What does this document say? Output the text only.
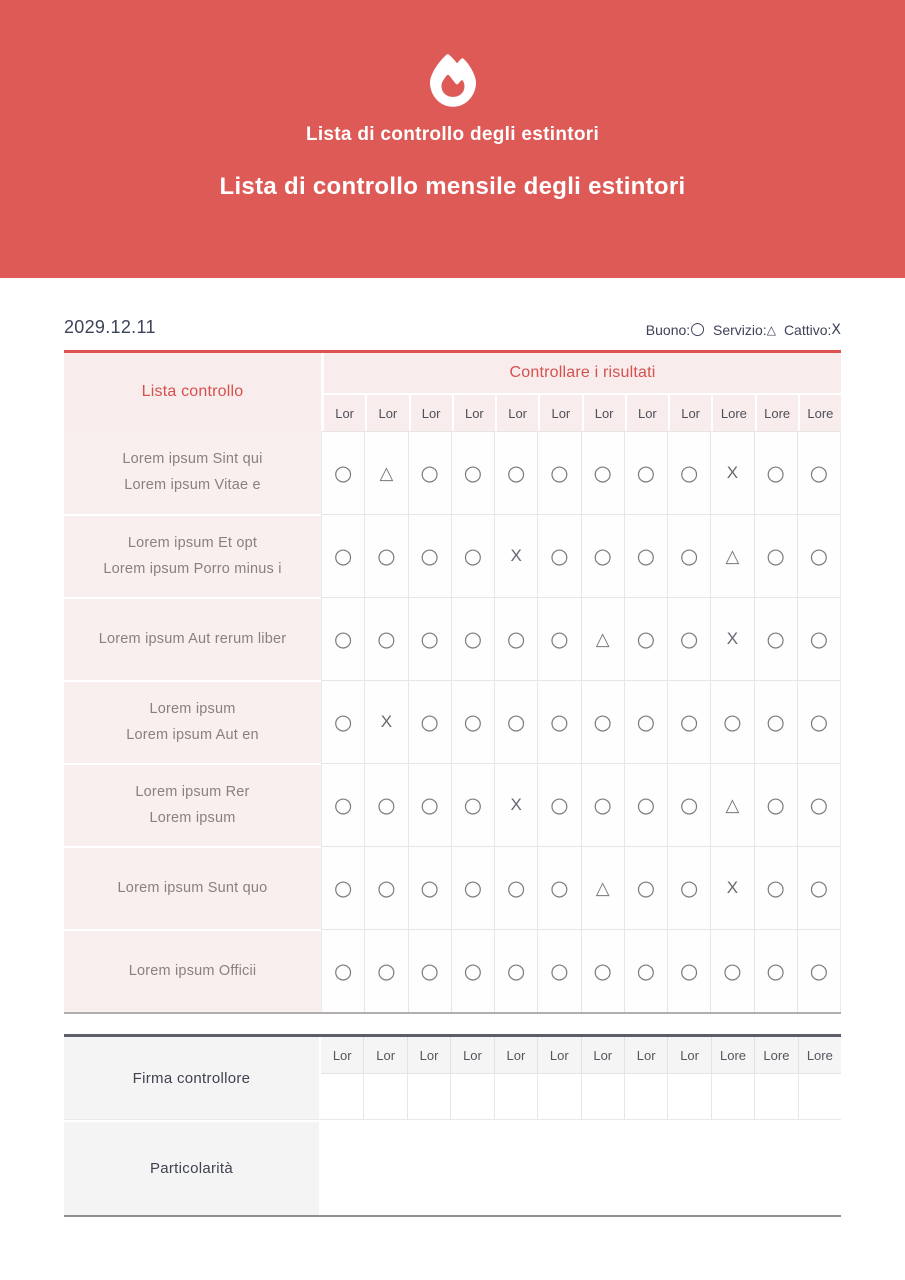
Lista di controllo degli estintori
Lista di controllo mensile degli estintori
2029.12.11	Buono: ○ Servizio: △ Cattivo: X
Lista controllo
Controllare i risultati
Lor	Lor	Lor	Lor	Lor	Lor	Lor	Lor	Lor	Lore	Lore	Lore
Lorem ipsum Sint qui
Lorem ipsum Vitae e	○	△	○	○	○	○	○	○	○	X	○	○
Lorem ipsum Et opt
Lorem ipsum Porro minus i
○	○	○	○	X	○	○	○	○	△	○	○
Lorem ipsum Aut rerum liber	○	○	○	○	○	○	△	○	○	X	○	○
Lorem ipsum
Lorem ipsum Aut en
○	X	○	○	○	○	○	○	○	○	○	○
Lorem ipsum Rer
Lorem ipsum
○	○	○	○	X	○	○	○	○	△	○	○
Lorem ipsum Sunt quo	○	○	○	○	○	○	△	○	○	X	○	○
Lorem ipsum Officii	○	○	○	○	○	○	○	○	○	○	○	○
Firma controllore
Lor	Lor	Lor	Lor	Lor	Lor	Lor	Lor	Lor	Lore	Lore	Lore
Particolarità
